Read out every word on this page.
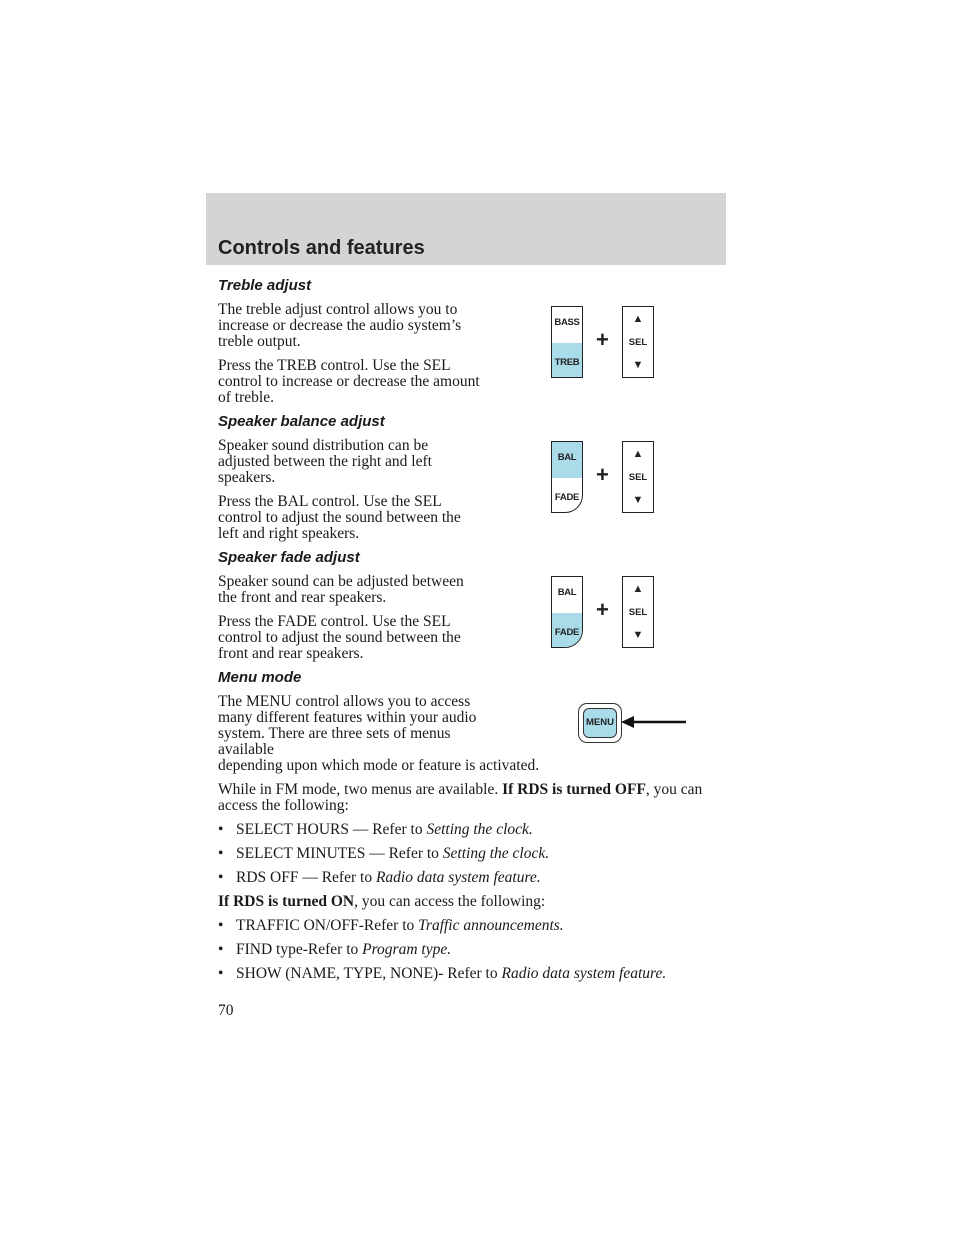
Controls and features
Treble adjust

The treble adjust control allows you to increase or decrease the audio system’s treble output.

Press the TREB control. Use the SEL control to increase or decrease the amount of treble.

Speaker balance adjust

Speaker sound distribution can be adjusted between the right and left speakers.

Press the BAL control. Use the SEL control to adjust the sound between the left and right speakers.

Speaker fade adjust

Speaker sound can be adjusted between the front and rear speakers.

Press the FADE control. Use the SEL control to adjust the sound between the front and rear speakers.

Menu mode

The MENU control allows you to access many different features within your audio system. There are three sets of menus available
depending upon which mode or feature is activated.

While in FM mode, two menus are available. If RDS is turned OFF, you can access the following:

• SELECT HOURS — Refer to Setting the clock.
• SELECT MINUTES — Refer to Setting the clock.
• RDS OFF — Refer to Radio data system feature.

If RDS is turned ON, you can access the following:

• TRAFFIC ON/OFF-Refer to Traffic announcements.
• FIND type-Refer to Program type.
• SHOW (NAME, TYPE, NONE)- Refer to Radio data system feature.
70
BASS
TREB
+
▲
SEL
▼
BAL
FADE
+
▲
SEL
▼
BAL
FADE
+
▲
SEL
▼
MENU
